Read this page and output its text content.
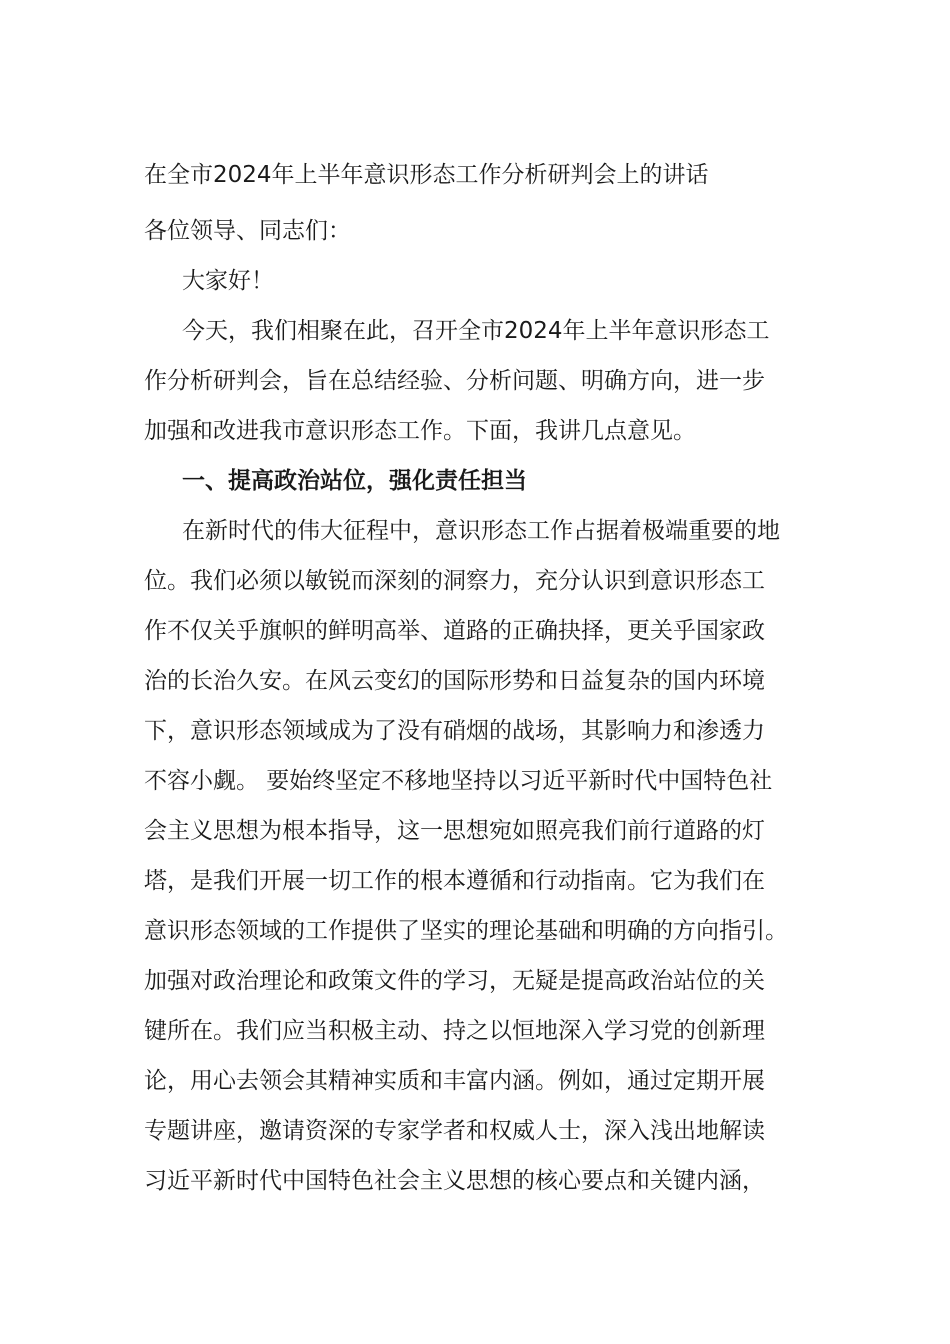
在全市2024年上半年意识形态工作分析研判会上的讲话

各位领导、同志们：

大家好！

今天，我们相聚在此，召开全市2024年上半年意识形态工
作分析研判会，旨在总结经验、分析问题、明确方向，进一步
加强和改进我市意识形态工作。下面，我讲几点意见。
一、提高政治站位，强化责任担当
在新时代的伟大征程中，意识形态工作占据着极端重要的地
位。我们必须以敏锐而深刻的洞察力，充分认识到意识形态工
作不仅关乎旗帜的鲜明高举、道路的正确抉择，更关乎国家政
治的长治久安。在风云变幻的国际形势和日益复杂的国内环境
下，意识形态领域成为了没有硝烟的战场，其影响力和渗透力
不容小觑。 要始终坚定不移地坚持以习近平新时代中国特色社
会主义思想为根本指导，这一思想宛如照亮我们前行道路的灯
塔，是我们开展一切工作的根本遵循和行动指南。它为我们在
意识形态领域的工作提供了坚实的理论基础和明确的方向指引。
加强对政治理论和政策文件的学习，无疑是提高政治站位的关
键所在。我们应当积极主动、持之以恒地深入学习党的创新理
论，用心去领会其精神实质和丰富内涵。例如，通过定期开展
专题讲座，邀请资深的专家学者和权威人士，深入浅出地解读
习近平新时代中国特色社会主义思想的核心要点和关键内涵，
